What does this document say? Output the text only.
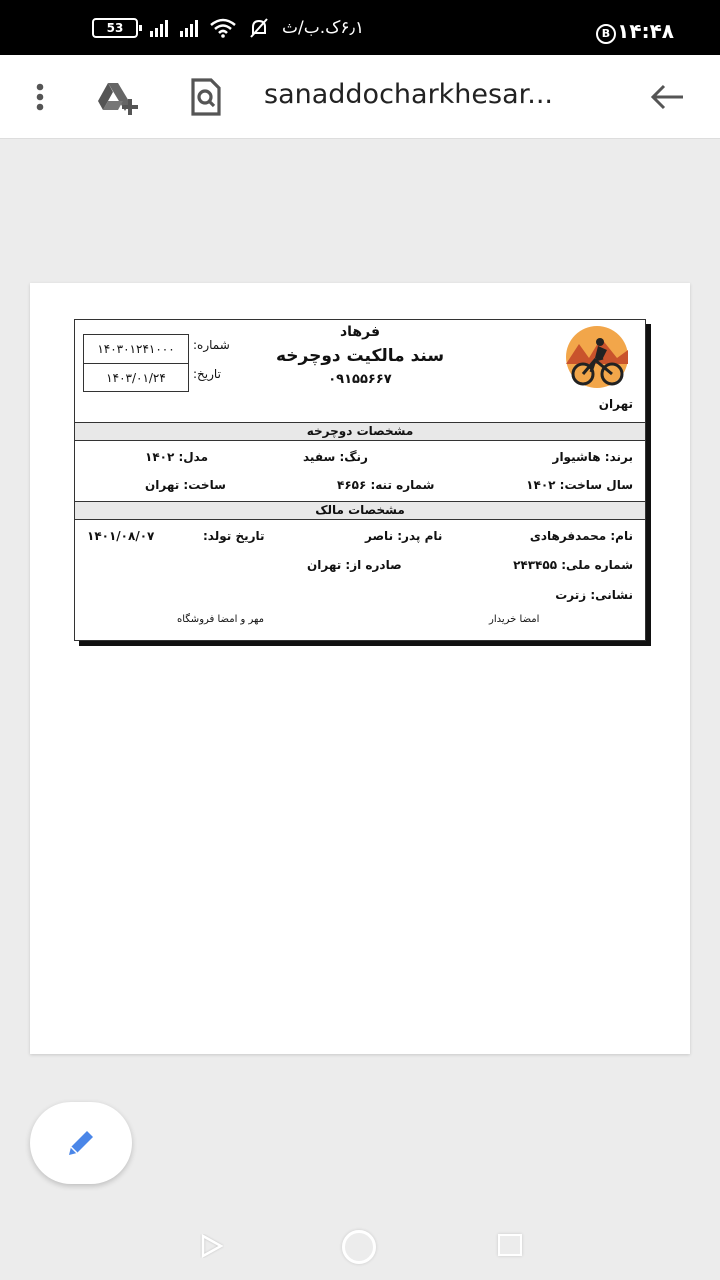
53	۶٫۱ک.ب/ث	B ۱۴:۴۸
sanaddocharkhesar...
۱۴۰۳۰۱۲۴۱۰۰۰
۱۴۰۳/۰۱/۲۴
شماره:
تاریخ:
فرهاد
سند مالکیت دوچرخه
۰۹۱۵۵۶۶۷
تهران
مشخصات دوچرخه
برند: هاشیوار
رنگ: سفید
مدل: ۱۴۰۲
سال ساخت: ۱۴۰۲
شماره تنه: ۴۶۵۶
ساخت: تهران
مشخصات مالک
نام: محمدفرهادی
نام پدر: ناصر
تاریخ تولد:
۱۴۰۱/۰۸/۰۷
شماره ملی: ۲۴۳۴۵۵
صادره از: تهران
نشانی: زترت
امضا خریدار
مهر و امضا فروشگاه
